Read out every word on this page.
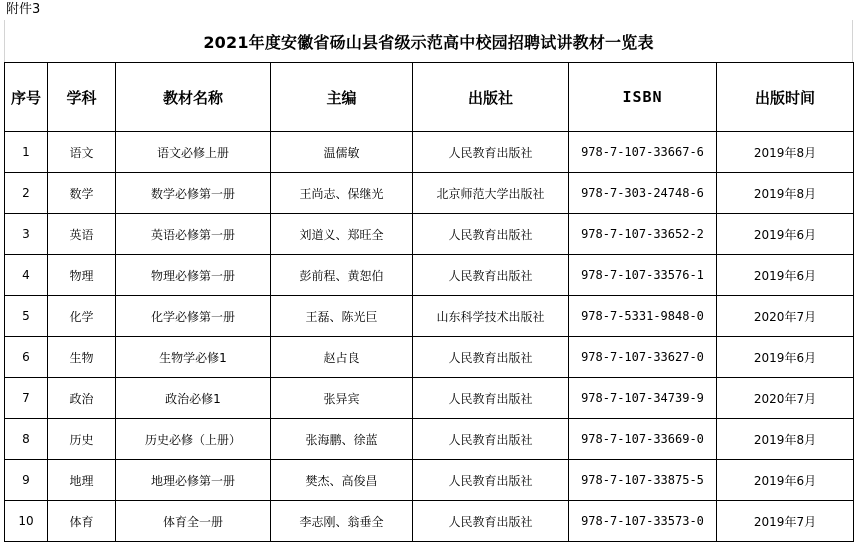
附件3
2021年度安徽省砀山县省级示范高中校园招聘试讲教材一览表
序号	学科	教材名称	主编	出版社	ISBN	出版时间
1	语文	语文必修上册	温儒敏	人民教育出版社	978-7-107-33667-6	2019年8月
2	数学	数学必修第一册	王尚志、保继光	北京师范大学出版社	978-7-303-24748-6	2019年8月
3	英语	英语必修第一册	刘道义、郑旺全	人民教育出版社	978-7-107-33652-2	2019年6月
4	物理	物理必修第一册	彭前程、黄恕伯	人民教育出版社	978-7-107-33576-1	2019年6月
5	化学	化学必修第一册	王磊、陈光巨	山东科学技术出版社	978-7-5331-9848-0	2020年7月
6	生物	生物学必修1	赵占良	人民教育出版社	978-7-107-33627-0	2019年6月
7	政治	政治必修1	张异宾	人民教育出版社	978-7-107-34739-9	2020年7月
8	历史	历史必修（上册）	张海鹏、徐蓝	人民教育出版社	978-7-107-33669-0	2019年8月
9	地理	地理必修第一册	樊杰、高俊昌	人民教育出版社	978-7-107-33875-5	2019年6月
10	体育	体育全一册	李志刚、翁垂全	人民教育出版社	978-7-107-33573-0	2019年7月
